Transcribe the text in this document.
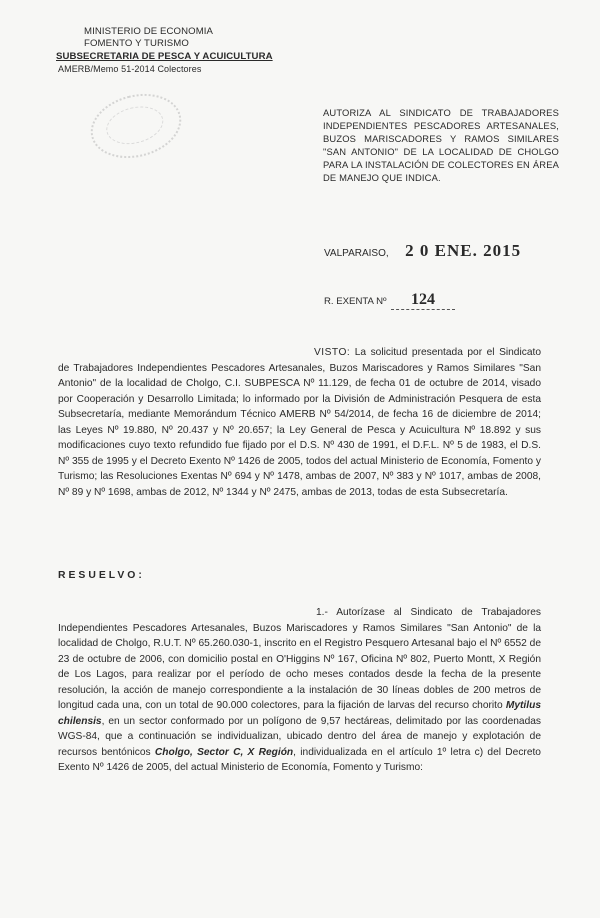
MINISTERIO DE ECONOMIA
FOMENTO Y TURISMO
SUBSECRETARIA DE PESCA Y ACUICULTURA
AMERB/Memo 51-2014 Colectores
AUTORIZA AL SINDICATO DE TRABAJADORES INDEPENDIENTES PESCADORES ARTESANALES, BUZOS MARISCADORES Y RAMOS SIMILARES "SAN ANTONIO" DE LA LOCALIDAD DE CHOLGO PARA LA INSTALACIÓN DE COLECTORES EN ÁREA DE MANEJO QUE INDICA.
VALPARAISO, 2 0 ENE. 2015
R. EXENTA Nº 124
VISTO: La solicitud presentada por el Sindicato de Trabajadores Independientes Pescadores Artesanales, Buzos Mariscadores y Ramos Similares "San Antonio" de la localidad de Cholgo, C.I. SUBPESCA Nº 11.129, de fecha 01 de octubre de 2014, visado por Cooperación y Desarrollo Limitada; lo informado por la División de Administración Pesquera de esta Subsecretaría, mediante Memorándum Técnico AMERB Nº 54/2014, de fecha 16 de diciembre de 2014; las Leyes Nº 19.880, Nº 20.437 y Nº 20.657; la Ley General de Pesca y Acuicultura Nº 18.892 y sus modificaciones cuyo texto refundido fue fijado por el D.S. Nº 430 de 1991, el D.F.L. Nº 5 de 1983, el D.S. Nº 355 de 1995 y el Decreto Exento Nº 1426 de 2005, todos del actual Ministerio de Economía, Fomento y Turismo; las Resoluciones Exentas Nº 694 y Nº 1478, ambas de 2007, Nº 383 y Nº 1017, ambas de 2008, Nº 89 y Nº 1698, ambas de 2012, Nº 1344 y Nº 2475, ambas de 2013, todas de esta Subsecretaría.
RESUELVO:
1.- Autorízase al Sindicato de Trabajadores Independientes Pescadores Artesanales, Buzos Mariscadores y Ramos Similares "San Antonio" de la localidad de Cholgo, R.U.T. Nº 65.260.030-1, inscrito en el Registro Pesquero Artesanal bajo el Nº 6552 de 23 de octubre de 2006, con domicilio postal en O'Higgins Nº 167, Oficina Nº 802, Puerto Montt, X Región de Los Lagos, para realizar por el período de ocho meses contados desde la fecha de la presente resolución, la acción de manejo correspondiente a la instalación de 30 líneas dobles de 200 metros de longitud cada una, con un total de 90.000 colectores, para la fijación de larvas del recurso chorito Mytilus chilensis, en un sector conformado por un polígono de 9,57 hectáreas, delimitado por las coordenadas WGS-84, que a continuación se individualizan, ubicado dentro del área de manejo y explotación de recursos bentónicos Cholgo, Sector C, X Región, individualizada en el artículo 1º letra c) del Decreto Exento Nº 1426 de 2005, del actual Ministerio de Economía, Fomento y Turismo:
